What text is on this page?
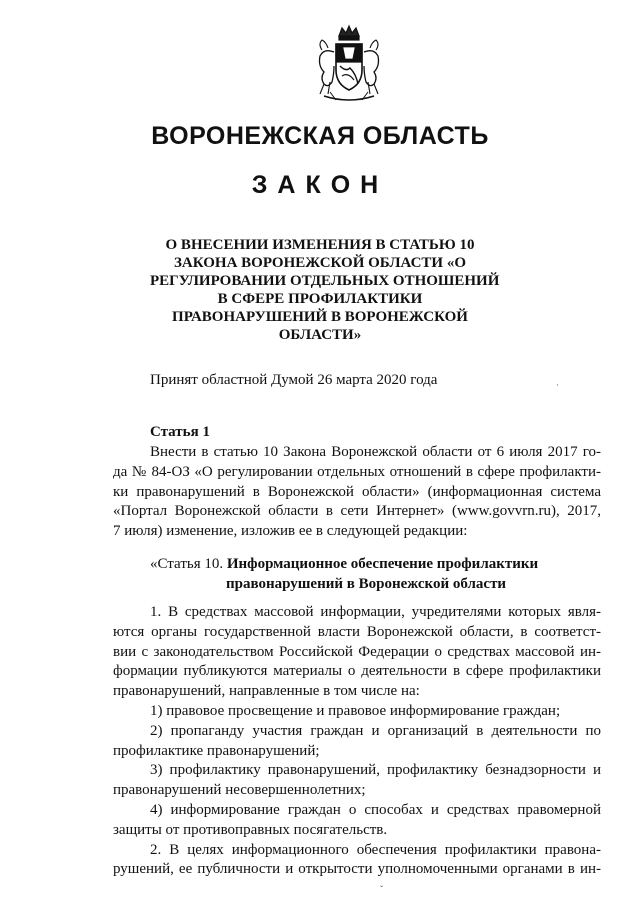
ВОРОНЕЖСКАЯ ОБЛАСТЬ
ЗАКОН
О ВНЕСЕНИИ ИЗМЕНЕНИЯ В СТАТЬЮ 10
ЗАКОНА ВОРОНЕЖСКОЙ ОБЛАСТИ «О
РЕГУЛИРОВАНИИ ОТДЕЛЬНЫХ ОТНОШЕНИЙ
В СФЕРЕ ПРОФИЛАКТИКИ
ПРАВОНАРУШЕНИЙ В ВОРОНЕЖСКОЙ
ОБЛАСТИ»
Принят областной Думой 26 марта 2020 года
Статья 1
Внести в статью 10 Закона Воронежской области от 6 июля 2017 го-
да № 84-ОЗ «О регулировании отдельных отношений в сфере профилакти-
ки правонарушений в Воронежской области» (информационная система
«Портал Воронежской области в сети Интернет» (www.govvrn.ru), 2017,
7 июля) изменение, изложив ее в следующей редакции:
«Статья 10. Информационное обеспечение профилактики
правонарушений в Воронежской области
1. В средствах массовой информации, учредителями которых явля-
ются органы государственной власти Воронежской области, в соответст-
вии с законодательством Российской Федерации о средствах массовой ин-
формации публикуются материалы о деятельности в сфере профилактики
правонарушений, направленные в том числе на:
1) правовое просвещение и правовое информирование граждан;
2) пропаганду участия граждан и организаций в деятельности по
профилактике правонарушений;
3) профилактику правонарушений, профилактику безнадзорности и
правонарушений несовершеннолетних;
4) информирование граждан о способах и средствах правомерной
защиты от противоправных посягательств.
2. В целях информационного обеспечения профилактики правона-
рушений, ее публичности и открытости уполномоченными органами в ин-
·
ˇ
